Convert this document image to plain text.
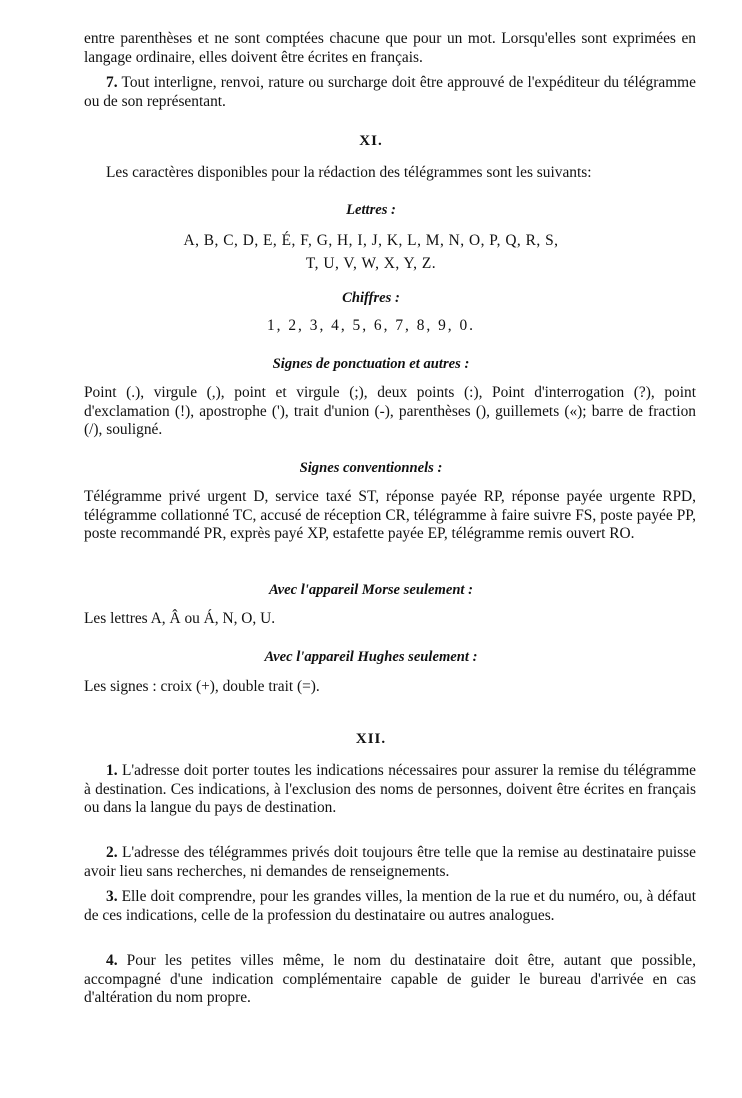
entre parenthèses et ne sont comptées chacune que pour un mot. Lorsqu'elles sont exprimées en langage ordinaire, elles doivent être écrites en français.
7. Tout interligne, renvoi, rature ou surcharge doit être approuvé de l'expéditeur du télégramme ou de son représentant.
XI.
Les caractères disponibles pour la rédaction des télégrammes sont les suivants:
Lettres :
A, B, C, D, E, É, F, G, H, I, J, K, L, M, N, O, P, Q, R, S,
T, U, V, W, X, Y, Z.
Chiffres :
1, 2, 3, 4, 5, 6, 7, 8, 9, 0.
Signes de ponctuation et autres :
Point (.), virgule (,), point et virgule (;), deux points (:), Point d'interrogation (?), point d'exclamation (!), apostrophe ('), trait d'union (-), parenthèses (), guillemets («); barre de fraction (/), souligné.
Signes conventionnels :
Télégramme privé urgent D, service taxé ST, réponse payée RP, réponse payée urgente RPD, télégramme collationné TC, accusé de réception CR, télégramme à faire suivre FS, poste payée PP, poste recommandé PR, exprès payé XP, estafette payée EP, télégramme remis ouvert RO.
Avec l'appareil Morse seulement :
Les lettres A, Â ou Á, N, O, U.
Avec l'appareil Hughes seulement :
Les signes : croix (+), double trait (=).
XII.
1. L'adresse doit porter toutes les indications nécessaires pour assurer la remise du télégramme à destination. Ces indications, à l'exclusion des noms de personnes, doivent être écrites en français ou dans la langue du pays de destination.
2. L'adresse des télégrammes privés doit toujours être telle que la remise au destinataire puisse avoir lieu sans recherches, ni demandes de renseignements.
3. Elle doit comprendre, pour les grandes villes, la mention de la rue et du numéro, ou, à défaut de ces indications, celle de la profession du destinataire ou autres analogues.
4. Pour les petites villes même, le nom du destinataire doit être, autant que possible, accompagné d'une indication complémentaire capable de guider le bureau d'arrivée en cas d'altération du nom propre.
